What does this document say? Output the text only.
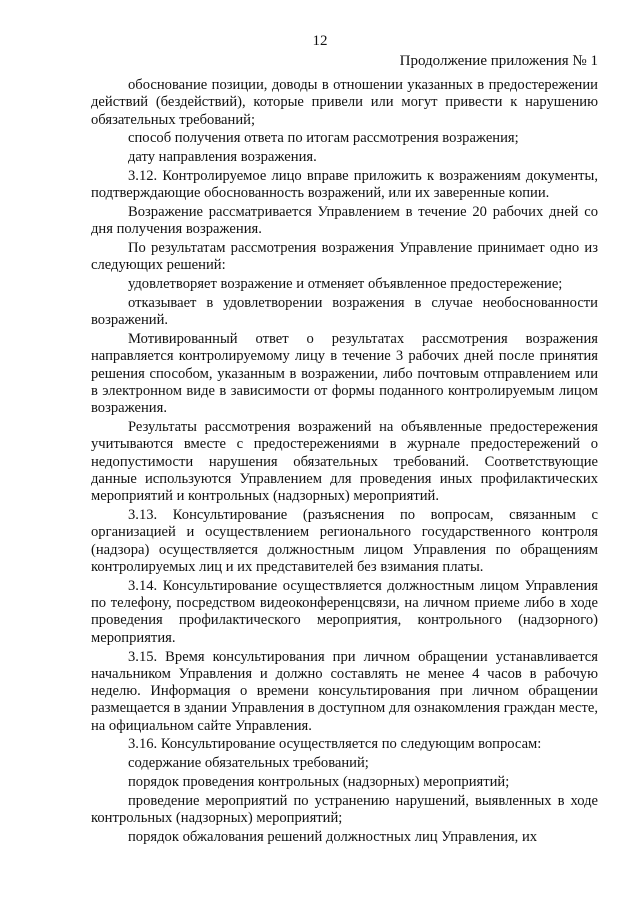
12
Продолжение приложения № 1

обоснование позиции, доводы в отношении указанных в предостережении действий (бездействий), которые привели или могут привести к нарушению обязательных требований;

способ получения ответа по итогам рассмотрения возражения;

дату направления возражения.

3.12. Контролируемое лицо вправе приложить к возражениям документы, подтверждающие обоснованность возражений, или их заверенные копии.

Возражение рассматривается Управлением в течение 20 рабочих дней со дня получения возражения.

По результатам рассмотрения возражения Управление принимает одно из следующих решений:

удовлетворяет возражение и отменяет объявленное предостережение;

отказывает в удовлетворении возражения в случае необоснованности возражений.

Мотивированный ответ о результатах рассмотрения возражения направляется контролируемому лицу в течение 3 рабочих дней после принятия решения способом, указанным в возражении, либо почтовым отправлением или в электронном виде в зависимости от формы поданного контролируемым лицом возражения.

Результаты рассмотрения возражений на объявленные предостережения учитываются вместе с предостережениями в журнале предостережений о недопустимости нарушения обязательных требований. Соответствующие данные используются Управлением для проведения иных профилактических мероприятий и контрольных (надзорных) мероприятий.

3.13. Консультирование (разъяснения по вопросам, связанным с организацией и осуществлением регионального государственного контроля (надзора) осуществляется должностным лицом Управления по обращениям контролируемых лиц и их представителей без взимания платы.

3.14. Консультирование осуществляется должностным лицом Управления по телефону, посредством видеоконференцсвязи, на личном приеме либо в ходе проведения профилактического мероприятия, контрольного (надзорного) мероприятия.

3.15. Время консультирования при личном обращении устанавливается начальником Управления и должно составлять не менее 4 часов в рабочую неделю. Информация о времени консультирования при личном обращении размещается в здании Управления в доступном для ознакомления граждан месте, на официальном сайте Управления.

3.16. Консультирование осуществляется по следующим вопросам:

содержание обязательных требований;

порядок проведения контрольных (надзорных) мероприятий;

проведение мероприятий по устранению нарушений, выявленных в ходе контрольных (надзорных) мероприятий;

порядок обжалования решений должностных лиц Управления, их
